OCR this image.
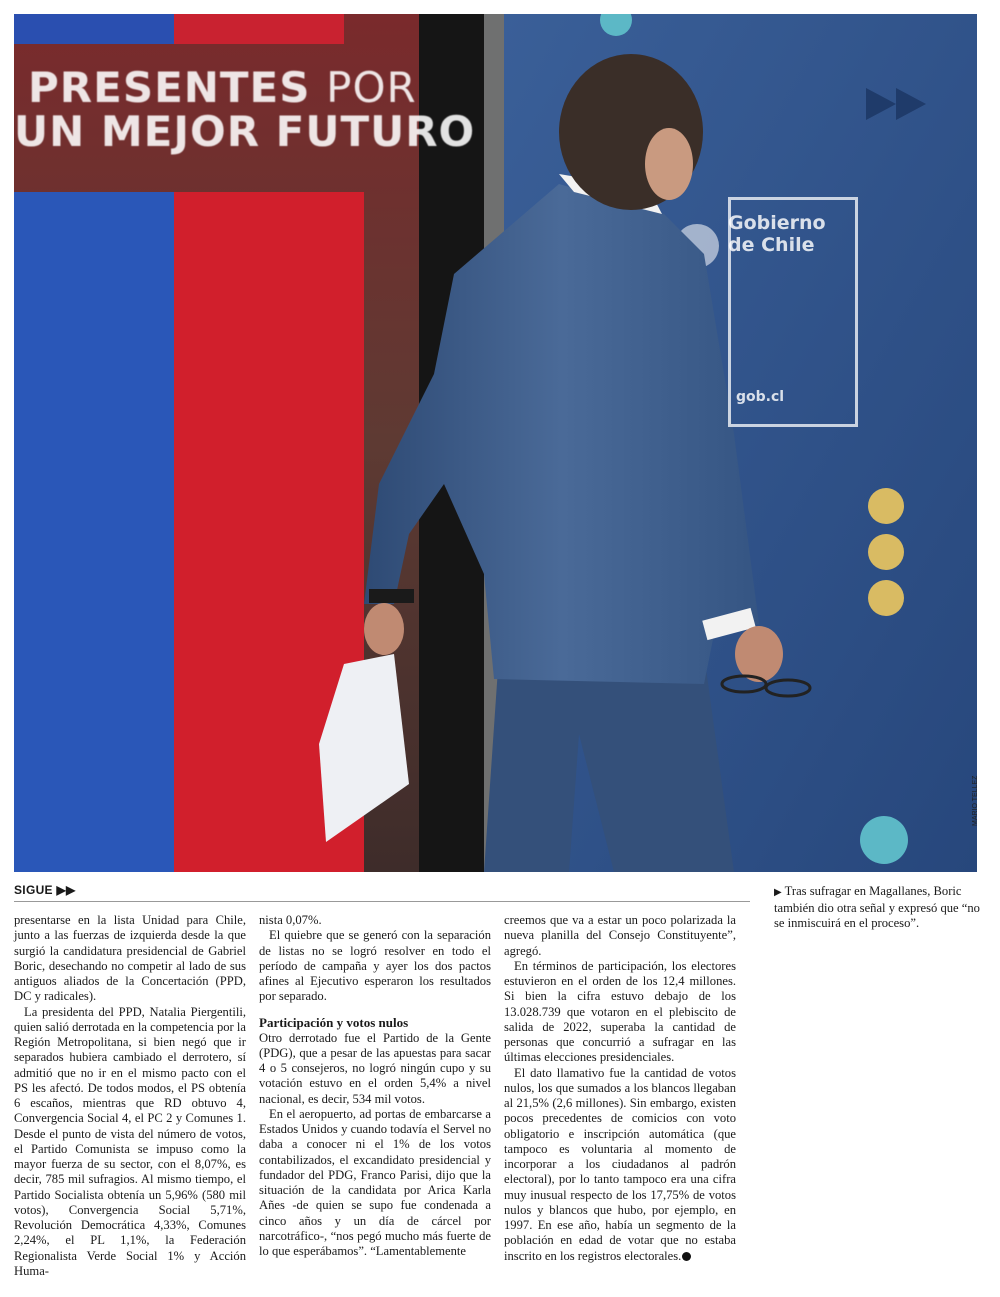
PRESENTES POR
UN MEJOR FUTURO
Gobierno
de Chile
gob.cl
MARIO TELLEZ
SIGUE ▶▶

presentarse en la lista Unidad para Chile, junto a las fuerzas de izquierda desde la que surgió la candidatura presidencial de Gabriel Boric, desechando no competir al lado de sus antiguos aliados de la Concertación (PPD, DC y radicales).

La presidenta del PPD, Natalia Piergentili, quien salió derrotada en la competencia por la Región Metropolitana, si bien negó que ir separados hubiera cambiado el derrotero, sí admitió que no ir en el mismo pacto con el PS les afectó. De todos modos, el PS obtenía 6 escaños, mientras que RD obtuvo 4, Convergencia Social 4, el PC 2 y Comunes 1. Desde el punto de vista del número de votos, el Partido Comunista se impuso como la mayor fuerza de su sector, con el 8,07%, es decir, 785 mil sufragios. Al mismo tiempo, el Partido Socialista obtenía un 5,96% (580 mil votos), Convergencia Social 5,71%, Revolución Democrática 4,33%, Comunes 2,24%, el PL 1,1%, la Federación Regionalista Verde Social 1% y Acción Huma-

nista 0,07%.

El quiebre que se generó con la separación de listas no se logró resolver en todo el período de campaña y ayer los dos pactos afines al Ejecutivo esperaron los resultados por separado.

Participación y votos nulos

Otro derrotado fue el Partido de la Gente (PDG), que a pesar de las apuestas para sacar 4 o 5 consejeros, no logró ningún cupo y su votación estuvo en el orden 5,4% a nivel nacional, es decir, 534 mil votos.

En el aeropuerto, ad portas de embarcarse a Estados Unidos y cuando todavía el Servel no daba a conocer ni el 1% de los votos contabilizados, el excandidato presidencial y fundador del PDG, Franco Parisi, dijo que la situación de la candidata por Arica Karla Añes -de quien se supo fue condenada a cinco años y un día de cárcel por narcotráfico-, “nos pegó mucho más fuerte de lo que esperábamos”. “Lamentablemente

creemos que va a estar un poco polarizada la nueva planilla del Consejo Constituyente”, agregó.

En términos de participación, los electores estuvieron en el orden de los 12,4 millones. Si bien la cifra estuvo debajo de los 13.028.739 que votaron en el plebiscito de salida de 2022, superaba la cantidad de personas que concurrió a sufragar en las últimas elecciones presidenciales.

El dato llamativo fue la cantidad de votos nulos, los que sumados a los blancos llegaban al 21,5% (2,6 millones). Sin embargo, existen pocos precedentes de comicios con voto obligatorio e inscripción automática (que tampoco es voluntaria al momento de incorporar a los ciudadanos al padrón electoral), por lo tanto tampoco era una cifra muy inusual respecto de los 17,75% de votos nulos y blancos que hubo, por ejemplo, en 1997. En ese año, había un segmento de la población en edad de votar que no estaba inscrito en los registros electorales.

▶ Tras sufragar en Magallanes, Boric también dio otra señal y expresó que “no se inmiscuirá en el proceso”.
